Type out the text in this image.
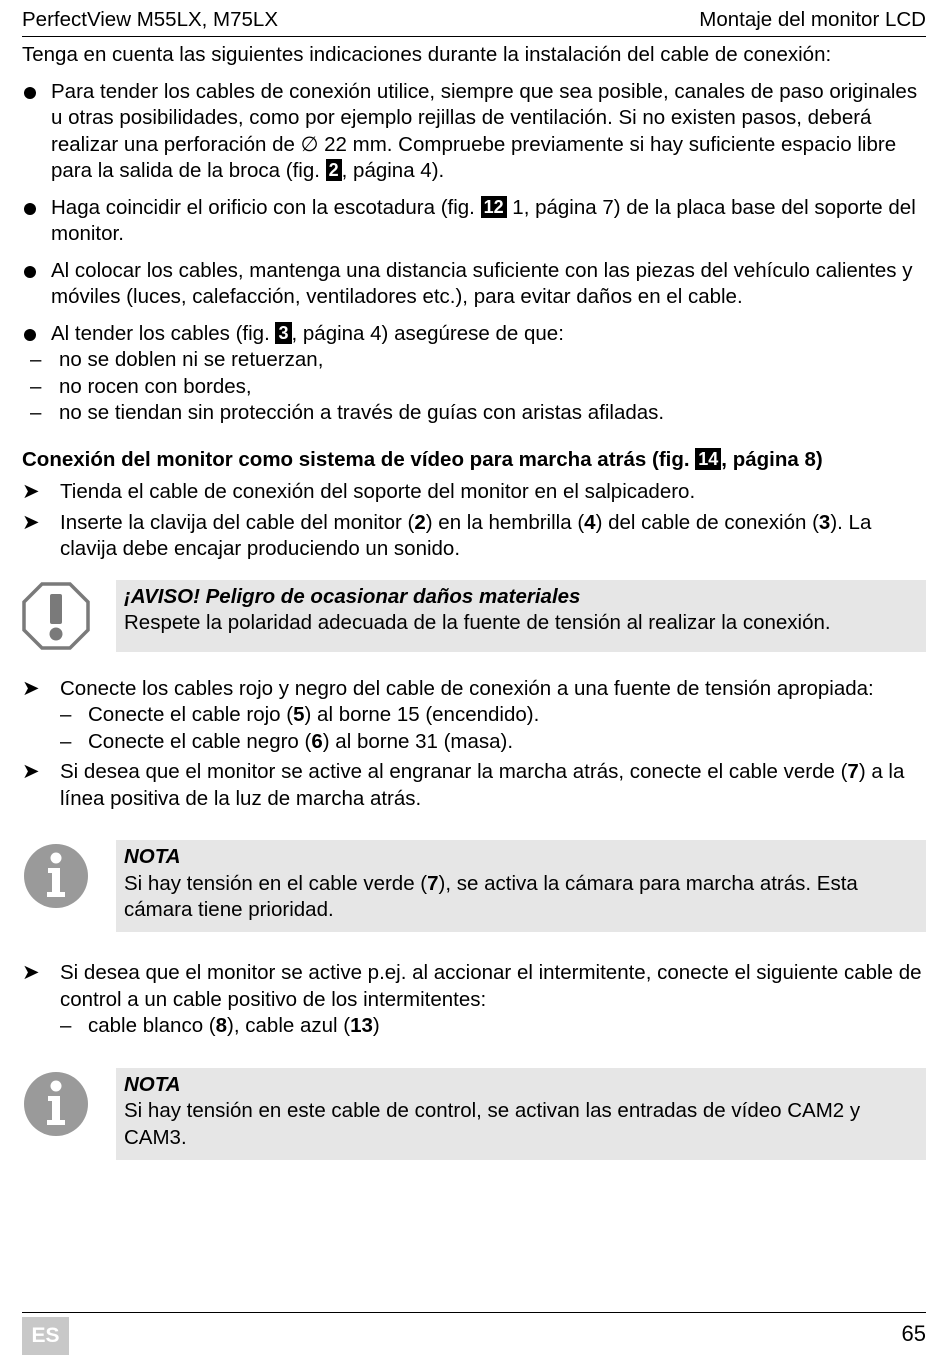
PerfectView M55LX, M75LX	Montaje del monitor LCD

Tenga en cuenta las siguientes indicaciones durante la instalación del cable de conexión:

Para tender los cables de conexión utilice, siempre que sea posible, canales de paso originales u otras posibilidades, como por ejemplo rejillas de ventilación. Si no existen pasos, deberá realizar una perforación de ∅ 22 mm. Compruebe previamente si hay suficiente espacio libre para la salida de la broca (fig. 2 , página 4).
Haga coincidir el orificio con la escotadura (fig. 12 1, página 7) de la placa base del soporte del monitor.
Al colocar los cables, mantenga una distancia suficiente con las piezas del vehículo calientes y móviles (luces, calefacción, ventiladores etc.), para evitar daños en el cable.
Al tender los cables (fig. 3 , página 4) asegúrese de que:
– no se doblen ni se retuerzan,
– no rocen con bordes,
– no se tiendan sin protección a través de guías con aristas afiladas.
Conexión del monitor como sistema de vídeo para marcha atrás (fig. 14 , página 8)
➤ Tienda el cable de conexión del soporte del monitor en el salpicadero.
➤ Inserte la clavija del cable del monitor (2) en la hembrilla (4) del cable de conexión (3). La clavija debe encajar produciendo un sonido.
¡AVISO! Peligro de ocasionar daños materiales
Respete la polaridad adecuada de la fuente de tensión al realizar la conexión.
➤ Conecte los cables rojo y negro del cable de conexión a una fuente de tensión apropiada:
– Conecte el cable rojo (5) al borne 15 (encendido).
– Conecte el cable negro (6) al borne 31 (masa).
➤ Si desea que el monitor se active al engranar la marcha atrás, conecte el cable verde (7) a la línea positiva de la luz de marcha atrás.
NOTA
Si hay tensión en el cable verde (7), se activa la cámara para marcha atrás. Esta cámara tiene prioridad.
➤ Si desea que el monitor se active p.ej. al accionar el intermitente, conecte el siguiente cable de control a un cable positivo de los intermitentes:
– cable blanco (8), cable azul (13)
NOTA
Si hay tensión en este cable de control, se activan las entradas de vídeo CAM2 y CAM3.
ES	65
